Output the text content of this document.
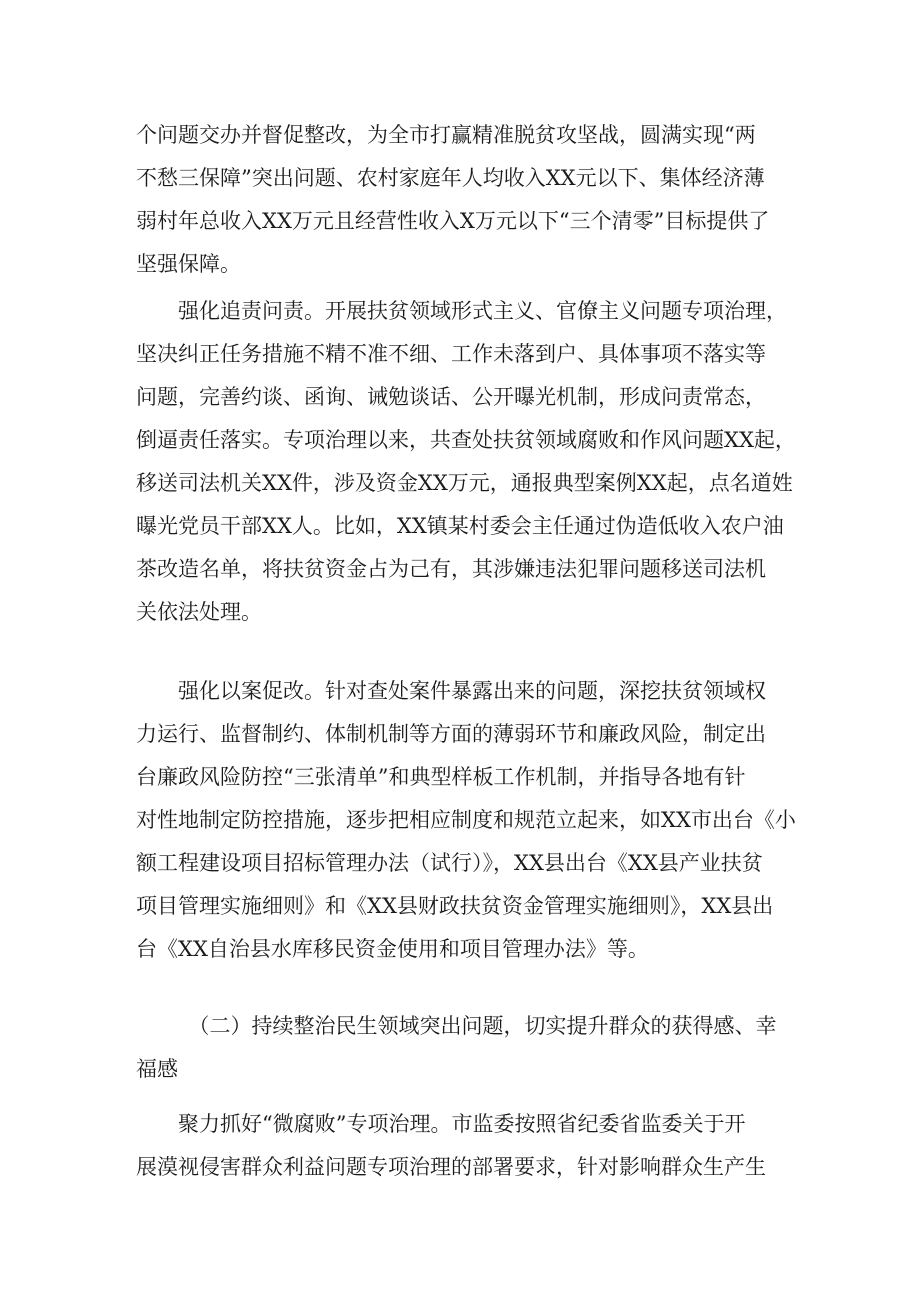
个问题交办并督促整改，为全市打赢精准脱贫攻坚战，圆满实现“两
不愁三保障”突出问题、农村家庭年人均收入XX元以下、集体经济薄
弱村年总收入XX万元且经营性收入X万元以下“三个清零”目标提供了
坚强保障。
　　强化追责问责。开展扶贫领域形式主义、官僚主义问题专项治理，
坚决纠正任务措施不精不准不细、工作未落到户、具体事项不落实等
问题，完善约谈、函询、诫勉谈话、公开曝光机制，形成问责常态，
倒逼责任落实。专项治理以来，共查处扶贫领域腐败和作风问题XX起，
移送司法机关XX件，涉及资金XX万元，通报典型案例XX起，点名道姓
曝光党员干部XX人。比如，XX镇某村委会主任通过伪造低收入农户油
茶改造名单，将扶贫资金占为己有，其涉嫌违法犯罪问题移送司法机
关依法处理。
　　强化以案促改。针对查处案件暴露出来的问题，深挖扶贫领域权
力运行、监督制约、体制机制等方面的薄弱环节和廉政风险，制定出
台廉政风险防控“三张清单”和典型样板工作机制，并指导各地有针
对性地制定防控措施，逐步把相应制度和规范立起来，如XX市出台《小
额工程建设项目招标管理办法（试行）》，XX县出台《XX县产业扶贫
项目管理实施细则》和《XX县财政扶贫资金管理实施细则》，XX县出
台《XX自治县水库移民资金使用和项目管理办法》等。
　　　（二）持续整治民生领域突出问题，切实提升群众的获得感、幸
福感
　　聚力抓好“微腐败”专项治理。市监委按照省纪委省监委关于开
展漠视侵害群众利益问题专项治理的部署要求，针对影响群众生产生
